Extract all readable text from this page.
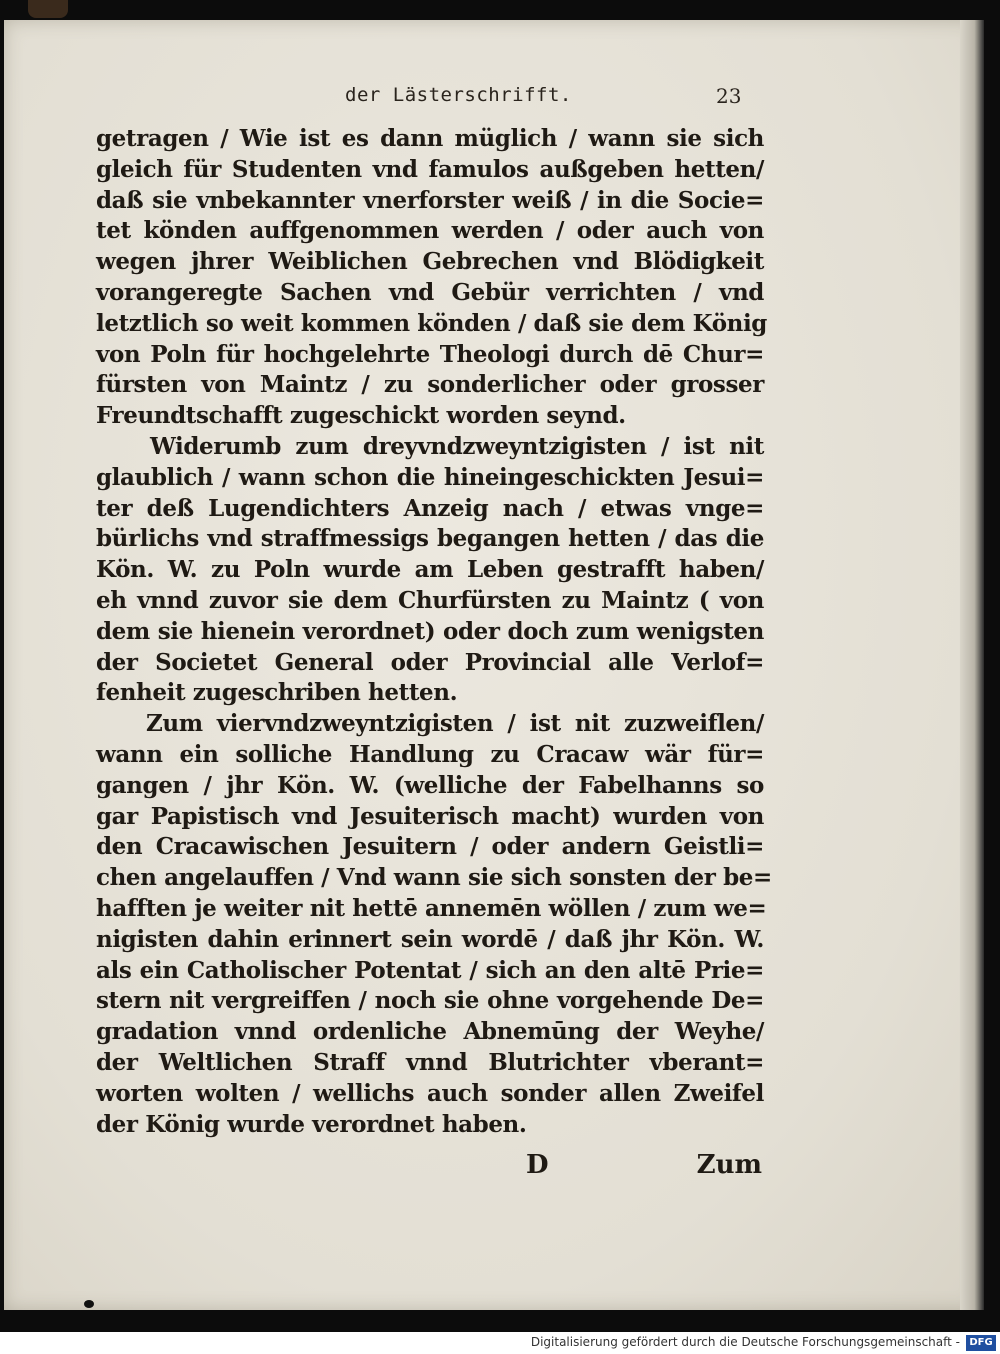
der Lästerschrifft.	23
getragen / Wie ist es dann müglich / wann sie sich
gleich für Studenten vnd famulos außgeben hetten/
daß sie vnbekannter vnerforster weiß / in die Socie=
tet könden auffgenommen werden / oder auch von
wegen jhrer Weiblichen Gebrechen vnd Blödigkeit
vorangeregte Sachen vnd Gebür verrichten / vnd
letztlich so weit kommen könden / daß sie dem König
von Poln für hochgelehrte Theologi durch dē Chur=
fürsten von Maintz / zu sonderlicher oder grosser
Freundtschafft zugeschickt worden seynd.
Widerumb zum dreyvndzweyntzigisten / ist nit
glaublich / wann schon die hineingeschickten Jesui=
ter deß Lugendichters Anzeig nach / etwas vnge=
bürlichs vnd straffmessigs begangen hetten / das die
Kön. W. zu Poln wurde am Leben gestrafft haben/
eh vnnd zuvor sie dem Churfürsten zu Maintz ( von
dem sie hienein verordnet) oder doch zum wenigsten
der Societet General oder Provincial alle Verlof=
fenheit zugeschriben hetten.
Zum viervndzweyntzigisten / ist nit zuzweiflen/
wann ein solliche Handlung zu Cracaw wär für=
gangen / jhr Kön. W. (welliche der Fabelhanns so
gar Papistisch vnd Jesuiterisch macht) wurden von
den Cracawischen Jesuitern / oder andern Geistli=
chen angelauffen / Vnd wann sie sich sonsten der be=
hafften je weiter nit hettē annemēn wöllen / zum we=
nigisten dahin erinnert sein wordē / daß jhr Kön. W.
als ein Catholischer Potentat / sich an den altē Prie=
stern nit vergreiffen / noch sie ohne vorgehende De=
gradation vnnd ordenliche Abnemūng der Weyhe/
der Weltlichen Straff vnnd Blutrichter vberant=
worten wolten / wellichs auch sonder allen Zweifel
der König wurde verordnet haben.
D	Zum
Digitalisierung gefördert durch die Deutsche Forschungsgemeinschaft - DFG
